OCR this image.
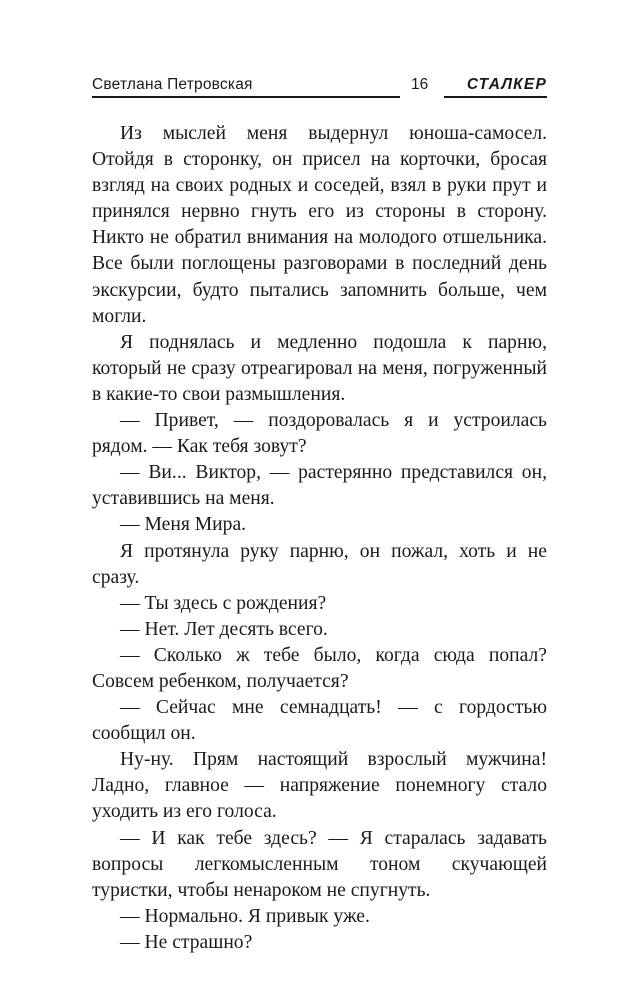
Светлана Петровская	16 СТАЛКЕР

Из мыслей меня выдернул юноша-самосел. Отойдя в сторонку, он присел на корточки, бросая взгляд на своих родных и соседей, взял в руки прут и принялся нервно гнуть его из стороны в сторону. Никто не обратил внимания на молодого отшельника. Все были поглощены разговорами в последний день экскурсии, будто пытались запомнить больше, чем могли.

Я поднялась и медленно подошла к парню, который не сразу отреагировал на меня, погруженный в какие-то свои размышления.

— Привет, — поздоровалась я и устроилась рядом. — Как тебя зовут?

— Ви... Виктор, — растерянно представился он, уставившись на меня.

— Меня Мира.

Я протянула руку парню, он пожал, хоть и не сразу.

— Ты здесь с рождения?

— Нет. Лет десять всего.

— Сколько ж тебе было, когда сюда попал? Совсем ребенком, получается?

— Сейчас мне семнадцать! — с гордостью сообщил он.

Ну-ну. Прям настоящий взрослый мужчина! Ладно, главное — напряжение понемногу стало уходить из его голоса.

— И как тебе здесь? — Я старалась задавать вопросы легкомысленным тоном скучающей туристки, чтобы ненароком не спугнуть.

— Нормально. Я привык уже.

— Не страшно?
